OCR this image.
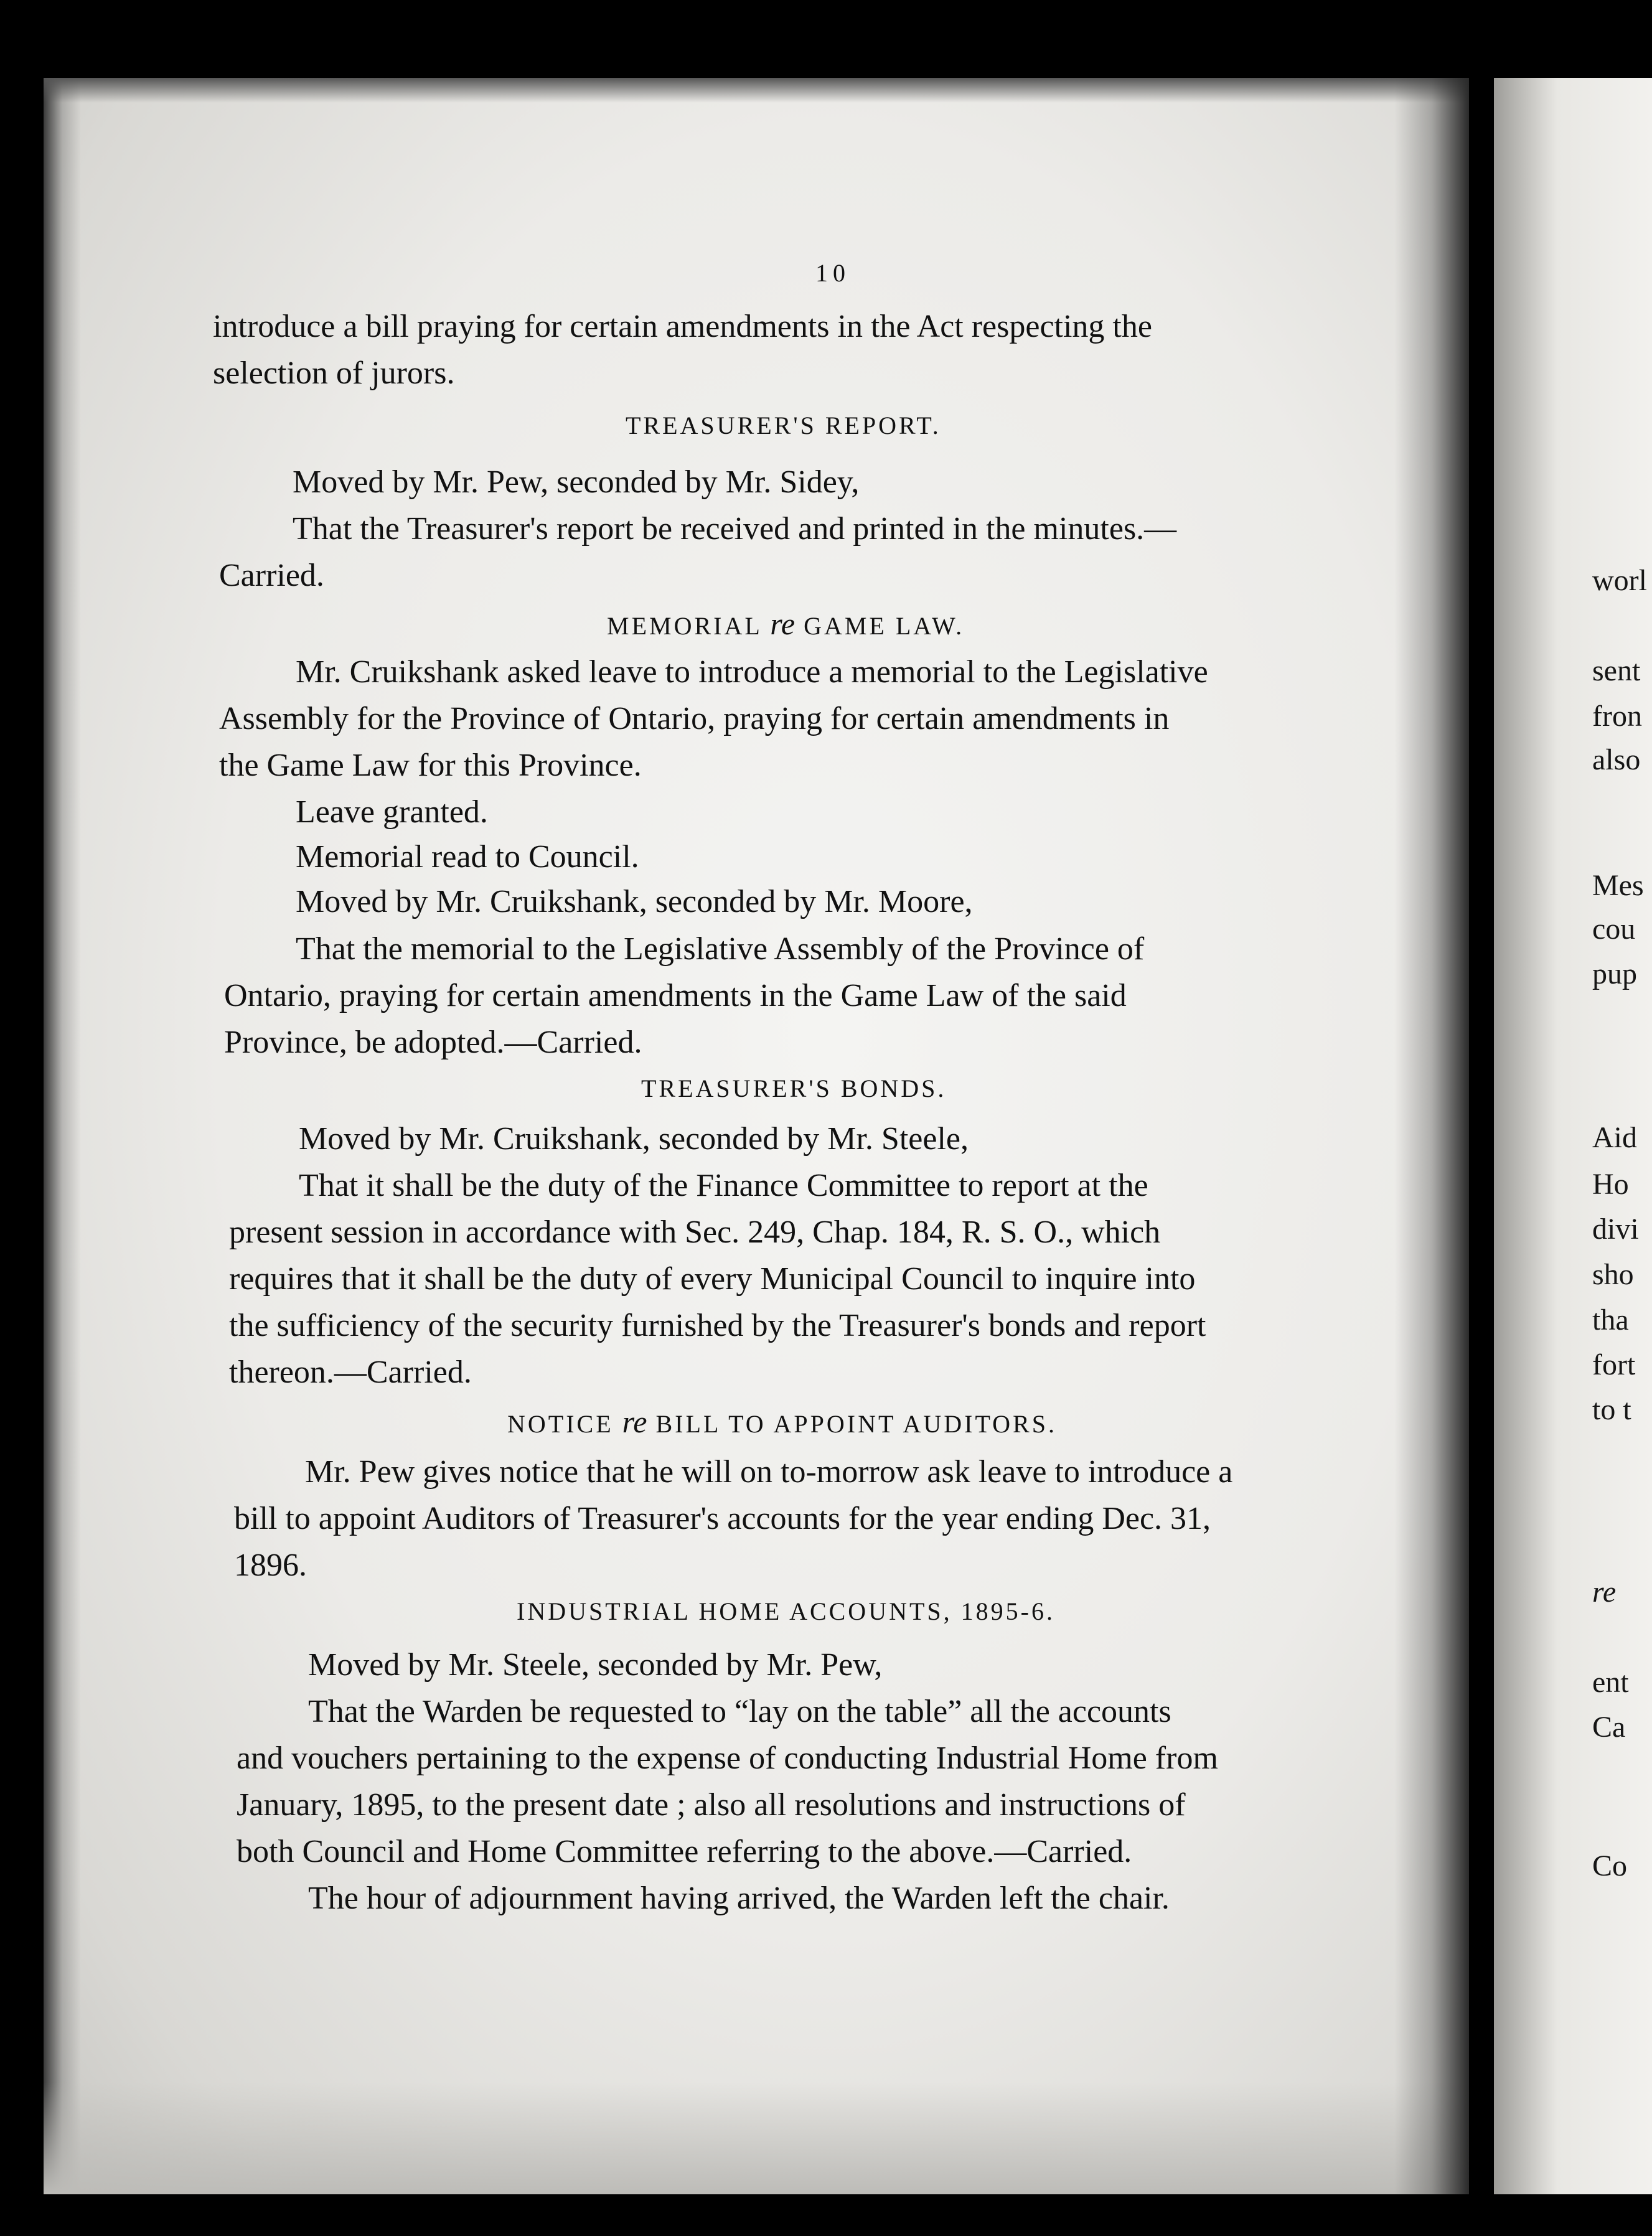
10
introduce a bill praying for certain amendments in the Act respecting the
selection of jurors.
TREASURER'S REPORT.
Moved by Mr. Pew, seconded by Mr. Sidey,
That the Treasurer's report be received and printed in the minutes.—
Carried.
MEMORIAL re GAME LAW.
Mr. Cruikshank asked leave to introduce a memorial to the Legislative
Assembly for the Province of Ontario, praying for certain amendments in
the Game Law for this Province.
Leave granted.
Memorial read to Council.
Moved by Mr. Cruikshank, seconded by Mr. Moore,
That the memorial to the Legislative Assembly of the Province of
Ontario, praying for certain amendments in the Game Law of the said
Province, be adopted.—Carried.
TREASURER'S BONDS.
Moved by Mr. Cruikshank, seconded by Mr. Steele,
That it shall be the duty of the Finance Committee to report at the
present session in accordance with Sec. 249, Chap. 184, R. S. O., which
requires that it shall be the duty of every Municipal Council to inquire into
the sufficiency of the security furnished by the Treasurer's bonds and report
thereon.—Carried.
NOTICE re BILL TO APPOINT AUDITORS.
Mr. Pew gives notice that he will on to-morrow ask leave to introduce a
bill to appoint Auditors of Treasurer's accounts for the year ending Dec. 31,
1896.
INDUSTRIAL HOME ACCOUNTS, 1895-6.
Moved by Mr. Steele, seconded by Mr. Pew,
That the Warden be requested to “lay on the table” all the accounts
and vouchers pertaining to the expense of conducting Industrial Home from
January, 1895, to the present date ; also all resolutions and instructions of
both Council and Home Committee referring to the above.—Carried.
The hour of adjournment having arrived, the Warden left the chair.
worl
sent
fron
also
Mes
cou
pup
Aid
Ho
divi
sho
tha
fort
to t
re
ent
Ca
Co
